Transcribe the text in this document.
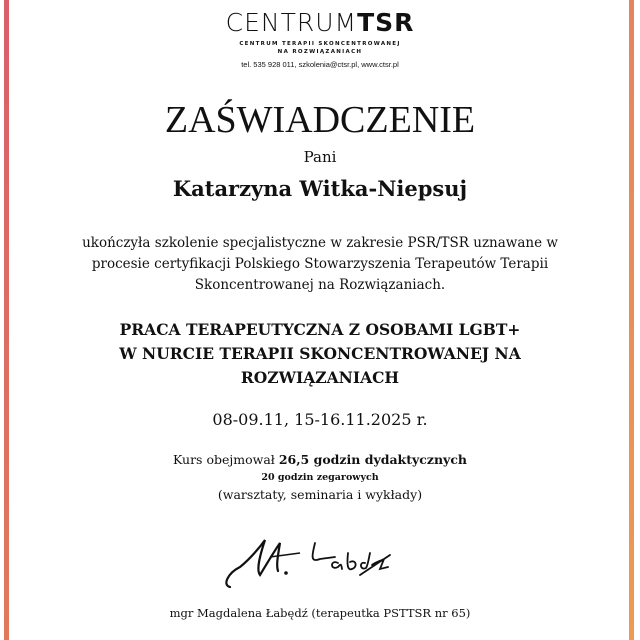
CENTRUMTSR
CENTRUM TERAPII SKONCENTROWANEJ
NA ROZWIĄZANIACH
tel. 535 928 011, szkolenia@ctsr.pl, www.ctsr.pl
ZAŚWIADCZENIE
Pani
Katarzyna Witka-Niepsuj
ukończyła szkolenie specjalistyczne w zakresie PSR/TSR uznawane w
procesie certyfikacji Polskiego Stowarzyszenia Terapeutów Terapii
Skoncentrowanej na Rozwiązaniach.
PRACA TERAPEUTYCZNA Z OSOBAMI LGBT+
W NURCIE TERAPII SKONCENTROWANEJ NA
ROZWIĄZANIACH
08-09.11, 15-16.11.2025 r.
Kurs obejmował 26,5 godzin dydaktycznych
20 godzin zegarowych
(warsztaty, seminaria i wykłady)
mgr Magdalena Łabędź (terapeutka PSTTSR nr 65)
